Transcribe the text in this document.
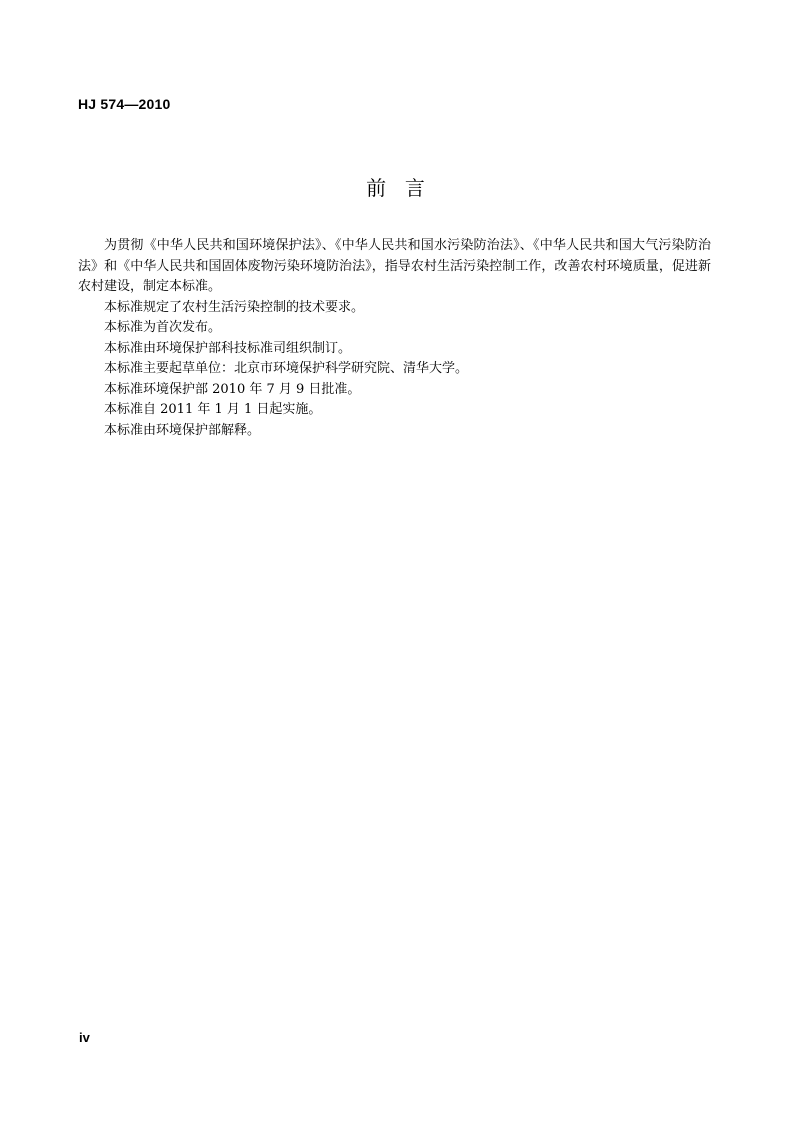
HJ 574—2010
前  言

为贯彻《中华人民共和国环境保护法》、《中华人民共和国水污染防治法》、《中华人民共和国大气污染防治法》和《中华人民共和国固体废物污染环境防治法》，指导农村生活污染控制工作，改善农村环境质量，促进新农村建设，制定本标准。

本标准规定了农村生活污染控制的技术要求。

本标准为首次发布。

本标准由环境保护部科技标准司组织制订。

本标准主要起草单位：北京市环境保护科学研究院、清华大学。

本标准环境保护部 2010 年 7 月 9 日批准。

本标准自 2011 年 1 月 1 日起实施。

本标准由环境保护部解释。

iv
